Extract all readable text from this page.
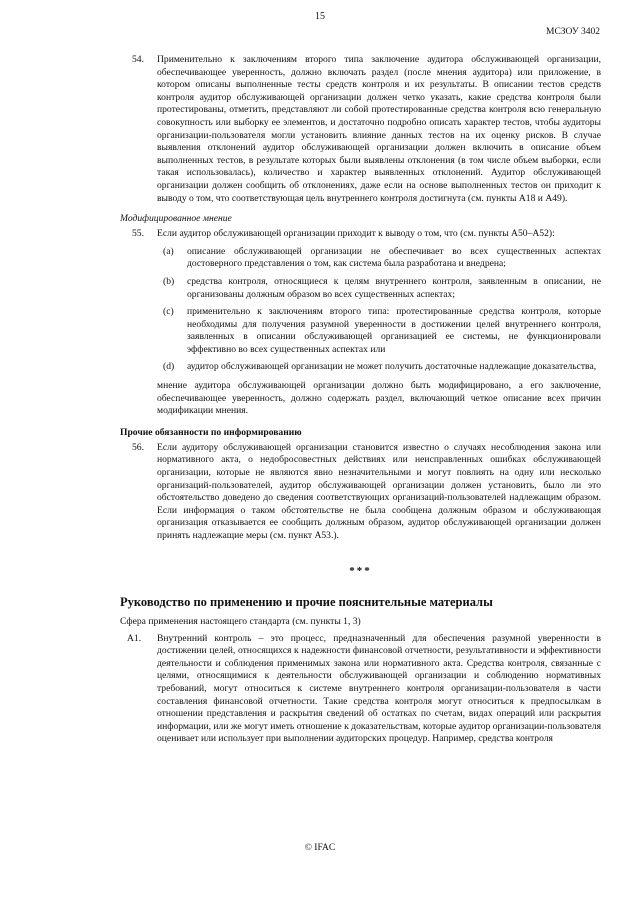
15
МСЗОУ 3402
54.	Применительно к заключениям второго типа заключение аудитора обслуживающей организации, обеспечивающее уверенность, должно включать раздел (после мнения аудитора) или приложение, в котором описаны выполненные тесты средств контроля и их результаты. В описании тестов средств контроля аудитор обслуживающей организации должен четко указать, какие средства контроля были протестированы, отметить, представляют ли собой протестированные средства контроля всю генеральную совокупность или выборку ее элементов, и достаточно подробно описать характер тестов, чтобы аудиторы организации-пользователя могли установить влияние данных тестов на их оценку рисков. В случае выявления отклонений аудитор обслуживающей организации должен включить в описание объем выполненных тестов, в результате которых были выявлены отклонения (в том числе объем выборки, если такая использовалась), количество и характер выявленных отклонений. Аудитор обслуживающей организации должен сообщить об отклонениях, даже если на основе выполненных тестов он приходит к выводу о том, что соответствующая цель внутреннего контроля достигнута (см. пункты A18 и A49).
Модифицированное мнение
55.	Если аудитор обслуживающей организации приходит к выводу о том, что (см. пункты A50–A52):
(a)	описание обслуживающей организации не обеспечивает во всех существенных аспектах достоверного представления о том, как система была разработана и внедрена;
(b)	средства контроля, относящиеся к целям внутреннего контроля, заявленным в описании, не организованы должным образом во всех существенных аспектах;
(c)	применительно к заключениям второго типа: протестированные средства контроля, которые необходимы для получения разумной уверенности в достижении целей внутреннего контроля, заявленных в описании обслуживающей организацией ее системы, не функционировали эффективно во всех существенных аспектах или
(d)	аудитор обслуживающей организации не может получить достаточные надлежащие доказательства,
мнение аудитора обслуживающей организации должно быть модифицировано, а его заключение, обеспечивающее уверенность, должно содержать раздел, включающий четкое описание всех причин модификации мнения.
Прочие обязанности по информированию
56.	Если аудитору обслуживающей организации становится известно о случаях несоблюдения закона или нормативного акта, о недобросовестных действиях или неисправленных ошибках обслуживающей организации, которые не являются явно незначительными и могут повлиять на одну или несколько организаций-пользователей, аудитор обслуживающей организации должен установить, было ли это обстоятельство доведено до сведения соответствующих организаций-пользователей надлежащим образом. Если информация о таком обстоятельстве не была сообщена должным образом и обслуживающая организация отказывается ее сообщить должным образом, аудитор обслуживающей организации должен принять надлежащие меры (см. пункт A53.).
***
Руководство по применению и прочие пояснительные материалы
Сфера применения настоящего стандарта (см. пункты 1, 3)
A1.	Внутренний контроль – это процесс, предназначенный для обеспечения разумной уверенности в достижении целей, относящихся к надежности финансовой отчетности, результативности и эффективности деятельности и соблюдения применимых закона или нормативного акта. Средства контроля, связанные с целями, относящимися к деятельности обслуживающей организации и соблюдению нормативных требований, могут относиться к системе внутреннего контроля организации-пользователя в части составления финансовой отчетности. Такие средства контроля могут относиться к предпосылкам в отношении представления и раскрытия сведений об остатках по счетам, видах операций или раскрытия информации, или же могут иметь отношение к доказательствам, которые аудитор организации-пользователя оценивает или использует при выполнении аудиторских процедур. Например, средства контроля
© IFAC
